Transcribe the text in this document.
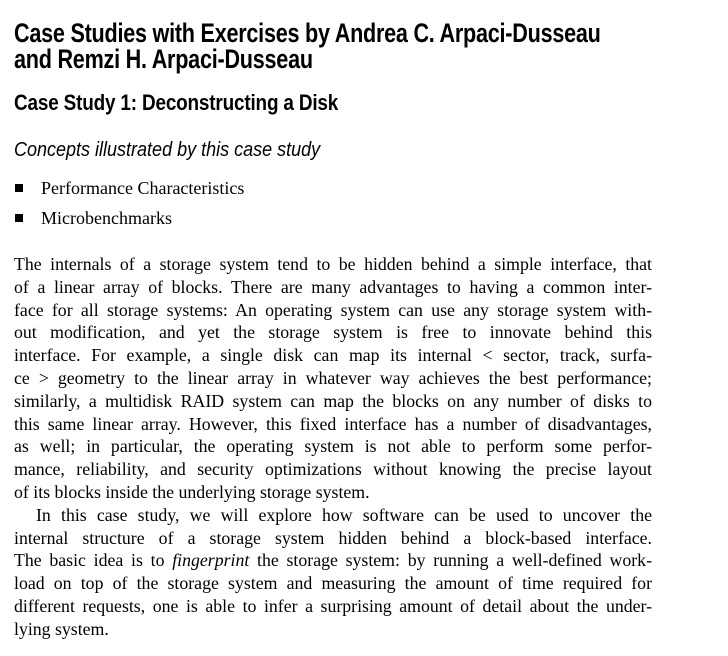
Case Studies with Exercises by Andrea C. Arpaci-Dusseau
and Remzi H. Arpaci-Dusseau
Case Study 1: Deconstructing a Disk
Concepts illustrated by this case study
Performance Characteristics
Microbenchmarks
The internals of a storage system tend to be hidden behind a simple interface, that
of a linear array of blocks. There are many advantages to having a common inter-
face for all storage systems: An operating system can use any storage system with-
out modification, and yet the storage system is free to innovate behind this
interface. For example, a single disk can map its internal < sector, track, surfa-
ce > geometry to the linear array in whatever way achieves the best performance;
similarly, a multidisk RAID system can map the blocks on any number of disks to
this same linear array. However, this fixed interface has a number of disadvantages,
as well; in particular, the operating system is not able to perform some perfor-
mance, reliability, and security optimizations without knowing the precise layout
of its blocks inside the underlying storage system.
In this case study, we will explore how software can be used to uncover the
internal structure of a storage system hidden behind a block-based interface.
The basic idea is to fingerprint the storage system: by running a well-defined work-
load on top of the storage system and measuring the amount of time required for
different requests, one is able to infer a surprising amount of detail about the under-
lying system.
